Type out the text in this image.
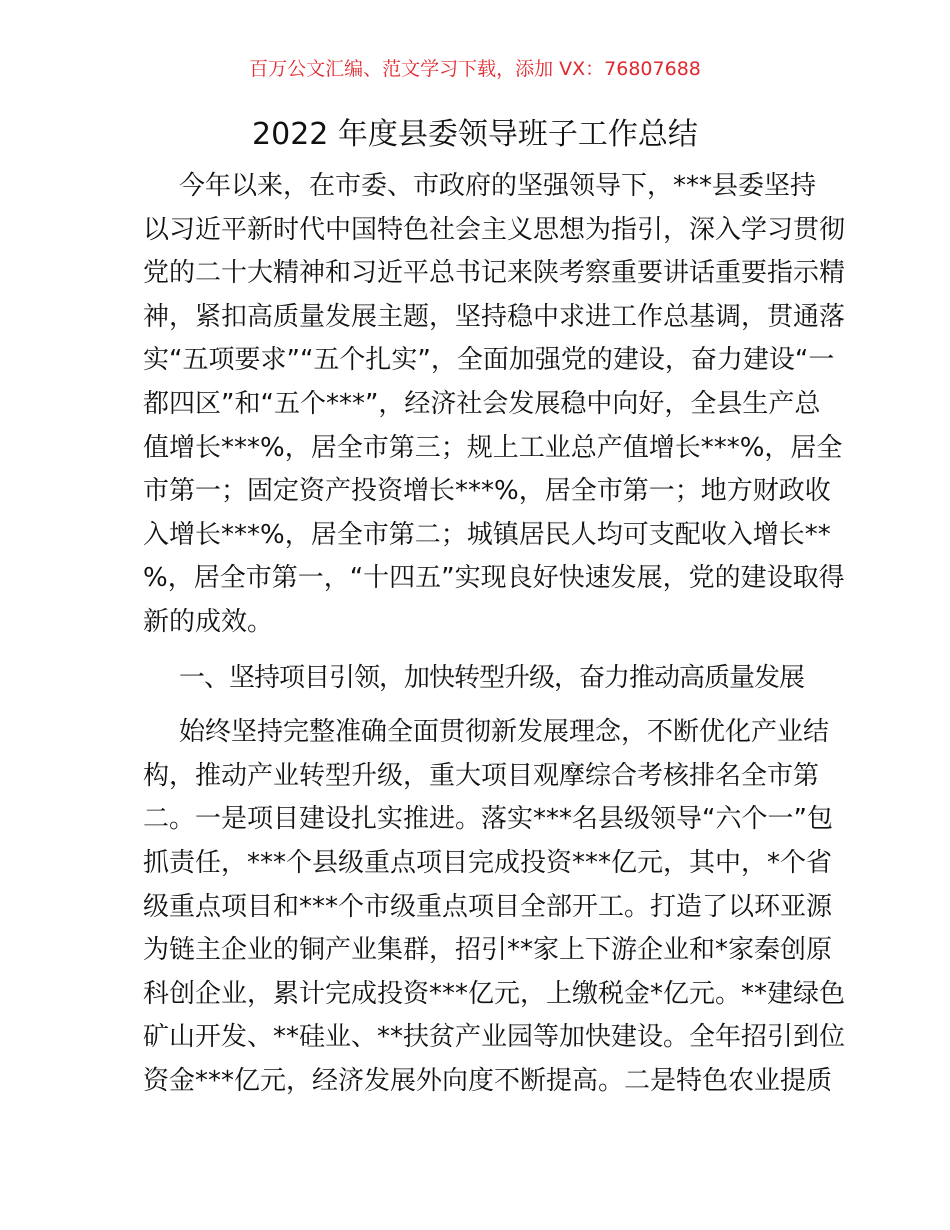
百万公文汇编、范文学习下载，添加 VX：76807688
2022 年度县委领导班子工作总结
今年以来，在市委、市政府的坚强领导下，***县委坚持
以习近平新时代中国特色社会主义思想为指引，深入学习贯彻
党的二十大精神和习近平总书记来陕考察重要讲话重要指示精
神，紧扣高质量发展主题，坚持稳中求进工作总基调，贯通落
实“五项要求”“五个扎实”，全面加强党的建设，奋力建设“一
都四区”和“五个***”，经济社会发展稳中向好，全县生产总
值增长***%，居全市第三；规上工业总产值增长***%，居全
市第一；固定资产投资增长***%，居全市第一；地方财政收
入增长***%，居全市第二；城镇居民人均可支配收入增长**
%，居全市第一，“十四五”实现良好快速发展，党的建设取得
新的成效。
一、坚持项目引领，加快转型升级，奋力推动高质量发展
始终坚持完整准确全面贯彻新发展理念，不断优化产业结
构，推动产业转型升级，重大项目观摩综合考核排名全市第
二。一是项目建设扎实推进。落实***名县级领导“六个一”包
抓责任，***个县级重点项目完成投资***亿元，其中，*个省
级重点项目和***个市级重点项目全部开工。打造了以环亚源
为链主企业的铜产业集群，招引**家上下游企业和*家秦创原
科创企业，累计完成投资***亿元，上缴税金*亿元。**建绿色
矿山开发、**硅业、**扶贫产业园等加快建设。全年招引到位
资金***亿元，经济发展外向度不断提高。二是特色农业提质
